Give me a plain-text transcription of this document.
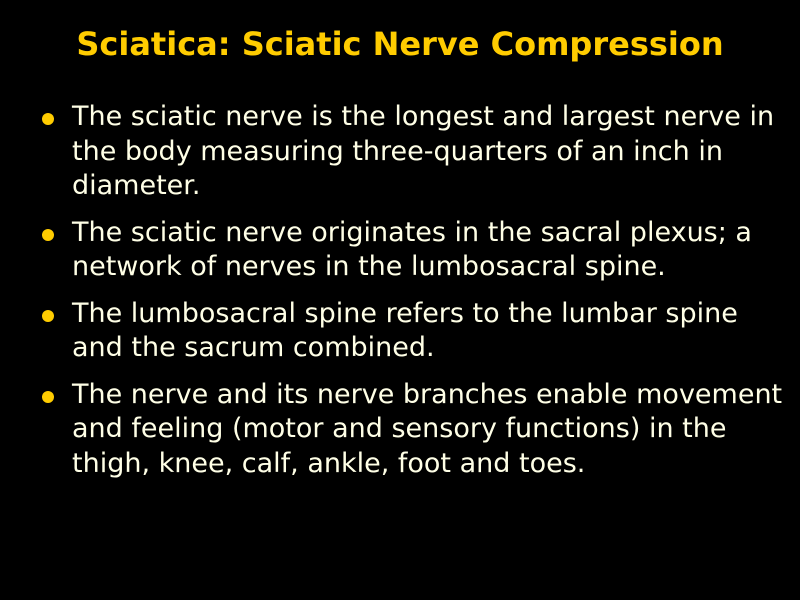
Sciatica: Sciatic Nerve Compression
The sciatic nerve is the longest and largest nerve in the body measuring three-quarters of an inch in diameter.
The sciatic nerve originates in the sacral plexus; a network of nerves in the lumbosacral spine.
The lumbosacral spine refers to the lumbar spine and the sacrum combined.
The nerve and its nerve branches enable movement and feeling (motor and sensory functions) in the thigh, knee, calf, ankle, foot and toes.
